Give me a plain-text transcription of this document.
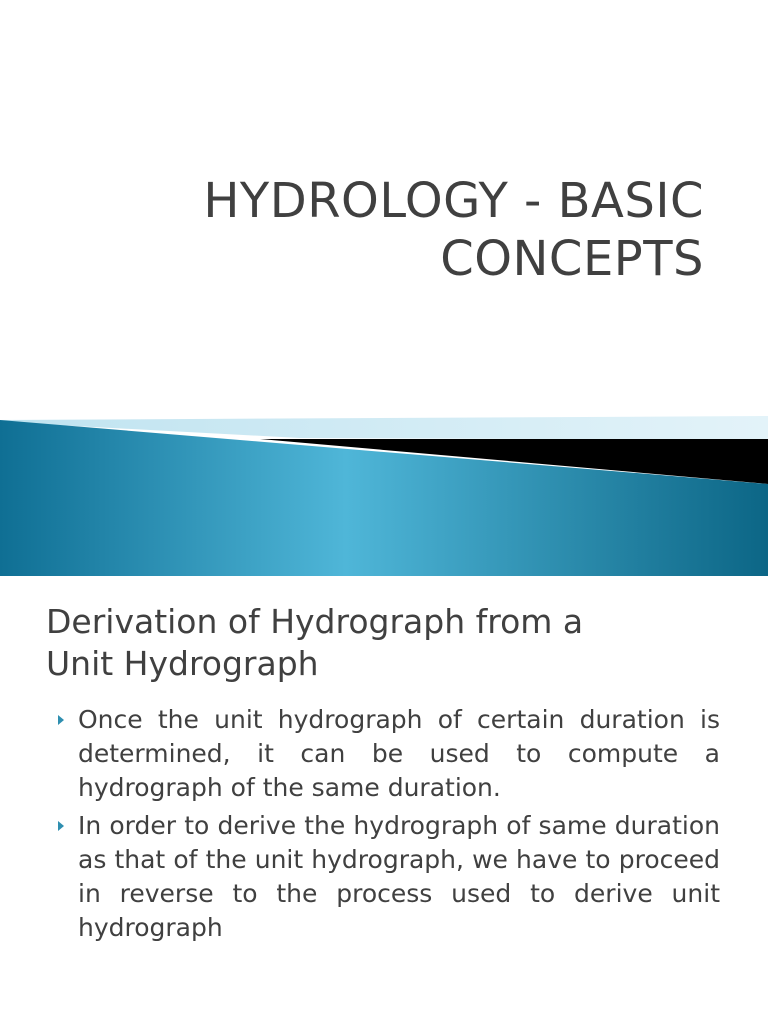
HYDROLOGY - BASIC
CONCEPTS
Derivation of Hydrograph from a
Unit Hydrograph
Once the unit hydrograph of certain duration is determined, it can be used to compute a hydrograph of the same duration.
In order to derive the hydrograph of same duration as that of the unit hydrograph, we have to proceed in reverse to the process used to derive unit hydrograph
